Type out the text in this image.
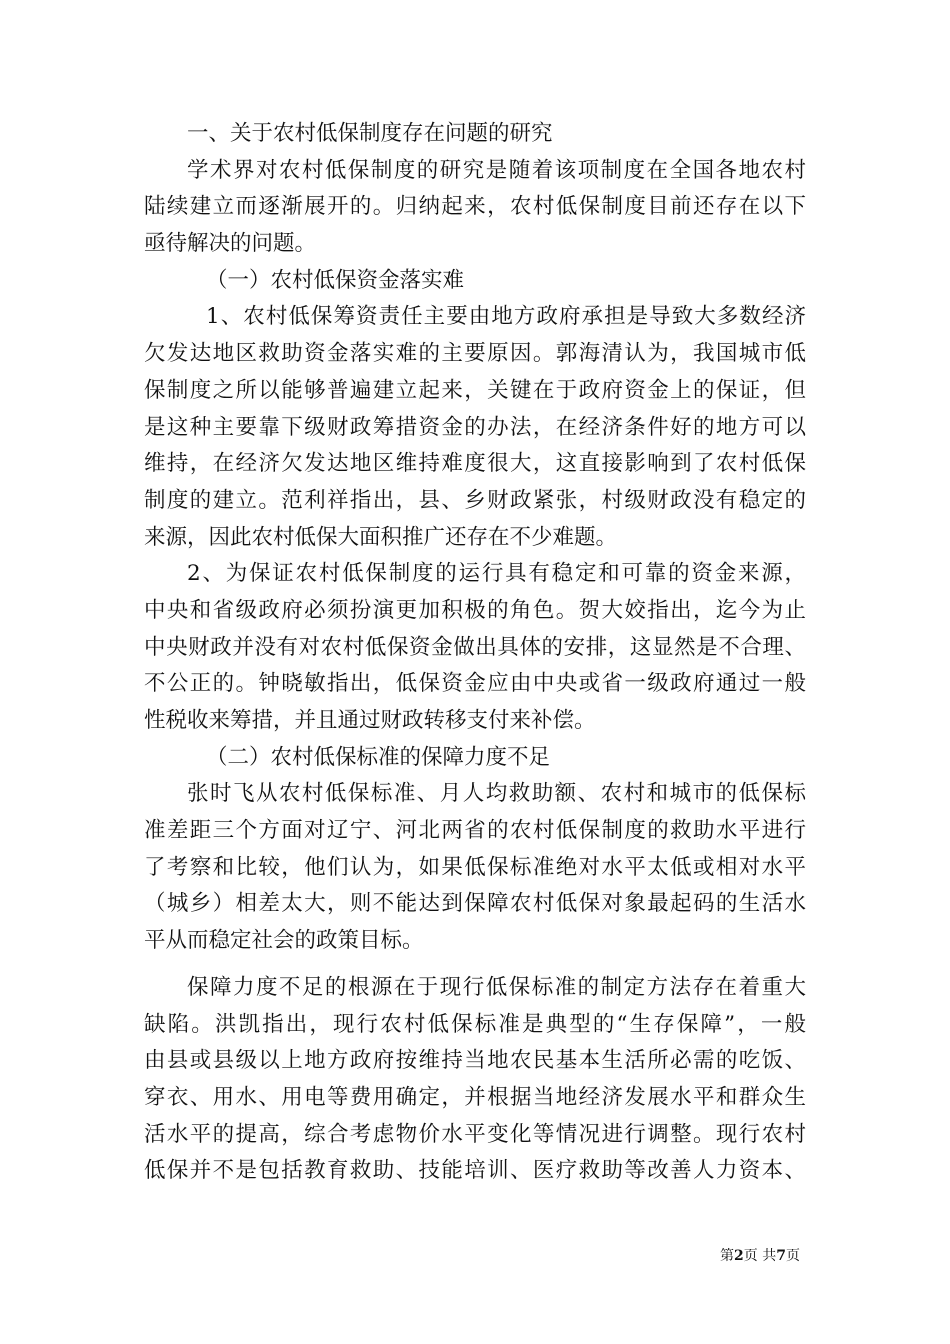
一、关于农村低保制度存在问题的研究
学术界对农村低保制度的研究是随着该项制度在全国各地农村
陆续建立而逐渐展开的。归纳起来，农村低保制度目前还存在以下
亟待解决的问题。
（一）农村低保资金落实难
1、农村低保筹资责任主要由地方政府承担是导致大多数经济
欠发达地区救助资金落实难的主要原因。郭海清认为，我国城市低
保制度之所以能够普遍建立起来，关键在于政府资金上的保证，但
是这种主要靠下级财政筹措资金的办法，在经济条件好的地方可以
维持，在经济欠发达地区维持难度很大，这直接影响到了农村低保
制度的建立。范利祥指出，县、乡财政紧张，村级财政没有稳定的
来源，因此农村低保大面积推广还存在不少难题。
2、为保证农村低保制度的运行具有稳定和可靠的资金来源，
中央和省级政府必须扮演更加积极的角色。贺大姣指出，迄今为止
中央财政并没有对农村低保资金做出具体的安排，这显然是不合理、
不公正的。钟晓敏指出，低保资金应由中央或省一级政府通过一般
性税收来筹措，并且通过财政转移支付来补偿。
（二）农村低保标准的保障力度不足
张时飞从农村低保标准、月人均救助额、农村和城市的低保标
准差距三个方面对辽宁、河北两省的农村低保制度的救助水平进行
了考察和比较，他们认为，如果低保标准绝对水平太低或相对水平
（城乡）相差太大，则不能达到保障农村低保对象最起码的生活水
平从而稳定社会的政策目标。
保障力度不足的根源在于现行低保标准的制定方法存在着重大
缺陷。洪凯指出，现行农村低保标准是典型的“生存保障”，一般
由县或县级以上地方政府按维持当地农民基本生活所必需的吃饭、
穿衣、用水、用电等费用确定，并根据当地经济发展水平和群众生
活水平的提高，综合考虑物价水平变化等情况进行调整。现行农村
低保并不是包括教育救助、技能培训、医疗救助等改善人力资本、
第2页 共7页
